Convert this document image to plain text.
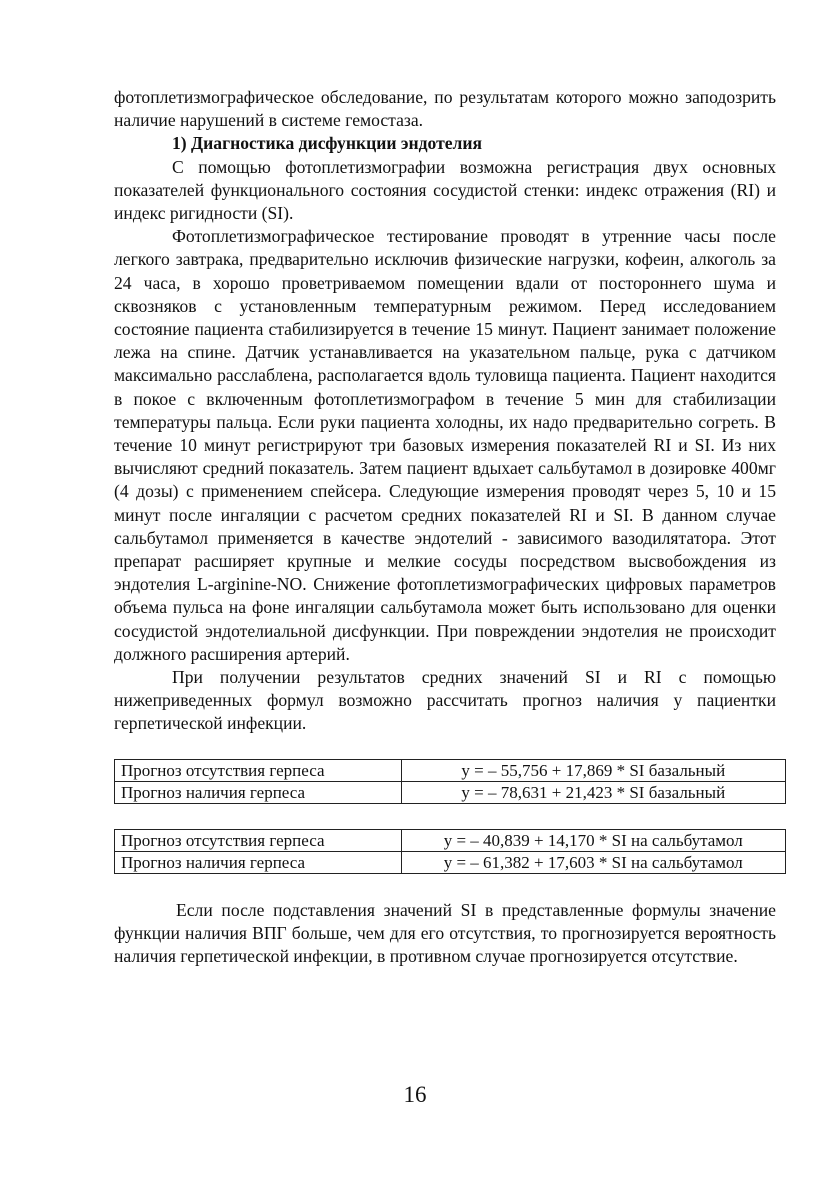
фотоплетизмографическое обследование, по результатам которого можно заподозрить наличие нарушений в системе гемостаза.

1) Диагностика дисфункции эндотелия

С помощью фотоплетизмографии возможна регистрация двух основных показателей функционального состояния сосудистой стенки: индекс отражения (RI) и индекс ригидности (SI).

Фотоплетизмографическое тестирование проводят в утренние часы после легкого завтрака, предварительно исключив физические нагрузки, кофеин, алкоголь за 24 часа, в хорошо проветриваемом помещении вдали от постороннего шума и сквозняков с установленным температурным режимом. Перед исследованием состояние пациента стабилизируется в течение 15 минут. Пациент занимает положение лежа на спине. Датчик устанавливается на указательном пальце, рука с датчиком максимально расслаблена, располагается вдоль туловища пациента. Пациент находится в покое с включенным фотоплетизмографом в течение 5 мин для стабилизации температуры пальца. Если руки пациента холодны, их надо предварительно согреть. В течение 10 минут регистрируют три базовых измерения показателей RI и SI. Из них вычисляют средний показатель. Затем пациент вдыхает сальбутамол в дозировке 400мг (4 дозы) с применением спейсера. Следующие измерения проводят через 5, 10 и 15 минут после ингаляции с расчетом средних показателей RI и SI. В данном случае сальбутамол применяется в качестве эндотелий - зависимого вазодилятатора. Этот препарат расширяет крупные и мелкие сосуды посредством высвобождения из эндотелия L-arginine-NO. Снижение фотоплетизмографических цифровых параметров объема пульса на фоне ингаляции сальбутамола может быть использовано для оценки сосудистой эндотелиальной дисфункции. При повреждении эндотелия не происходит должного расширения артерий.

При получении результатов средних значений SI и RI с помощью нижеприведенных формул возможно рассчитать прогноз наличия у пациентки герпетической инфекции.

Прогноз отсутствия герпеса	y = – 55,756 + 17,869 * SI базальный
Прогноз наличия герпеса	y = – 78,631 + 21,423 * SI базальный
Прогноз отсутствия герпеса	y = – 40,839 + 14,170 * SI на сальбутамол
Прогноз наличия герпеса	y = – 61,382 + 17,603 * SI на сальбутамол

Если после подставления значений SI в представленные формулы значение функции наличия ВПГ больше, чем для его отсутствия, то прогнозируется вероятность наличия герпетической инфекции, в противном случае прогнозируется отсутствие.

16
